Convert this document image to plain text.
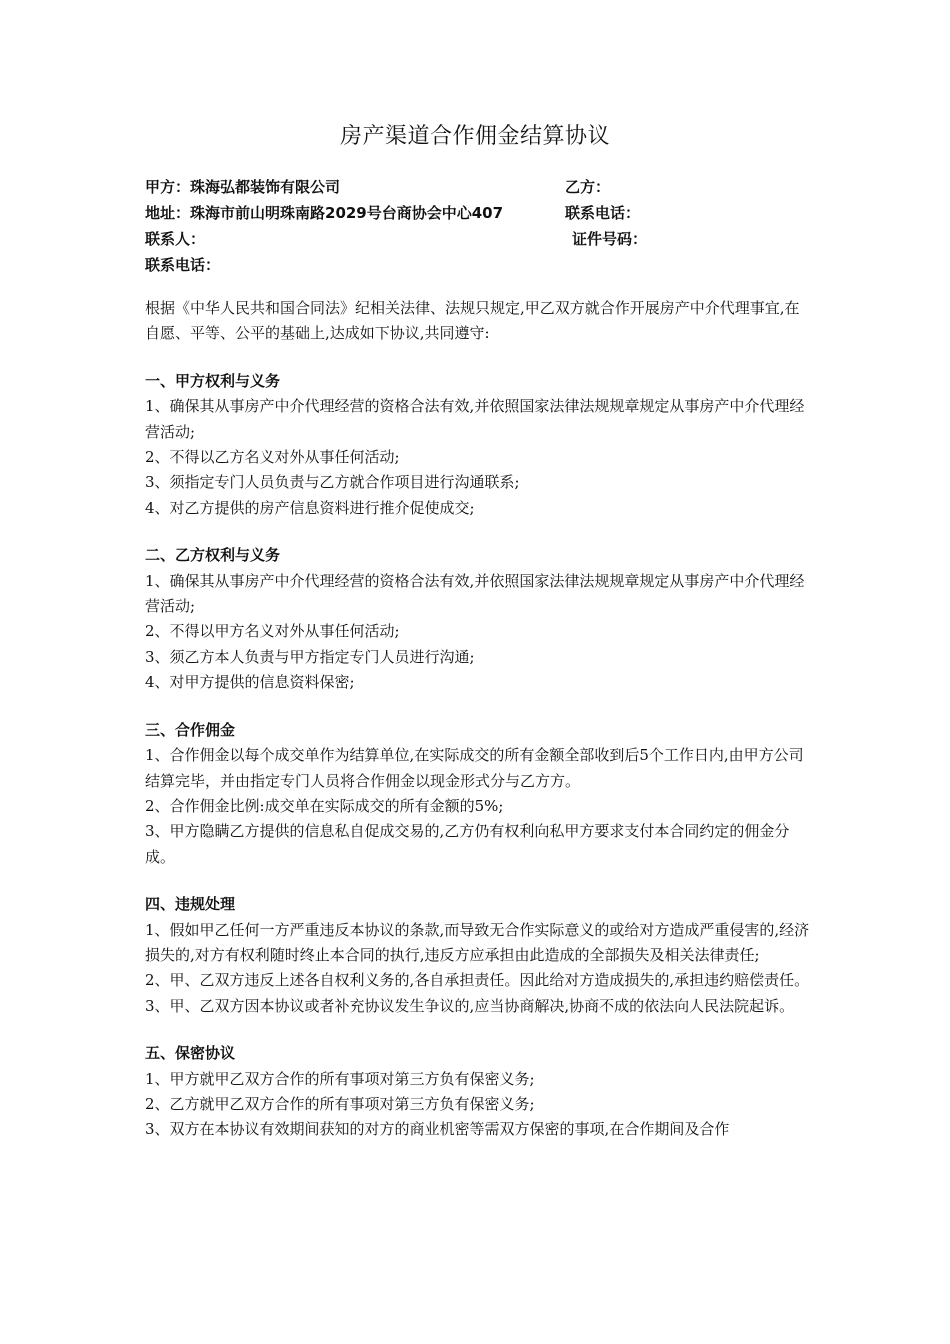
房产渠道合作佣金结算协议
甲方：珠海弘都装饰有限公司	乙方：
地址：珠海市前山明珠南路2029号台商协会中心407	联系电话：
联系人：	证件号码：
联系电话：

根据《中华人民共和国合同法》纪相关法律、法规只规定,甲乙双方就合作开展房产中介代理事宜,在自愿、平等、公平的基础上,达成如下协议,共同遵守:

一、甲方权利与义务

1、确保其从事房产中介代理经营的资格合法有效,并依照国家法律法规规章规定从事房产中介代理经营活动;

2、不得以乙方名义对外从事任何活动;

3、须指定专门人员负责与乙方就合作项目进行沟通联系;

4、对乙方提供的房产信息资料进行推介促使成交;

二、乙方权利与义务

1、确保其从事房产中介代理经营的资格合法有效,并依照国家法律法规规章规定从事房产中介代理经营活动;

2、不得以甲方名义对外从事任何活动;

3、须乙方本人负责与甲方指定专门人员进行沟通;

4、对甲方提供的信息资料保密;

三、合作佣金

1、合作佣金以每个成交单作为结算单位,在实际成交的所有金额全部收到后5个工作日内,由甲方公司结算完毕，并由指定专门人员将合作佣金以现金形式分与乙方方。

2、合作佣金比例:成交单在实际成交的所有金额的5%;

3、甲方隐瞒乙方提供的信息私自促成交易的,乙方仍有权利向私甲方要求支付本合同约定的佣金分成。

四、违规处理

1、假如甲乙任何一方严重违反本协议的条款,而导致无合作实际意义的或给对方造成严重侵害的,经济损失的,对方有权利随时终止本合同的执行,违反方应承担由此造成的全部损失及相关法律责任;

2、甲、乙双方违反上述各自权利义务的,各自承担责任。因此给对方造成损失的,承担违约赔偿责任。

3、甲、乙双方因本协议或者补充协议发生争议的,应当协商解决,协商不成的依法向人民法院起诉。

五、保密协议

1、甲方就甲乙双方合作的所有事项对第三方负有保密义务;

2、乙方就甲乙双方合作的所有事项对第三方负有保密义务;

3、双方在本协议有效期间获知的对方的商业机密等需双方保密的事项,在合作期间及合作
